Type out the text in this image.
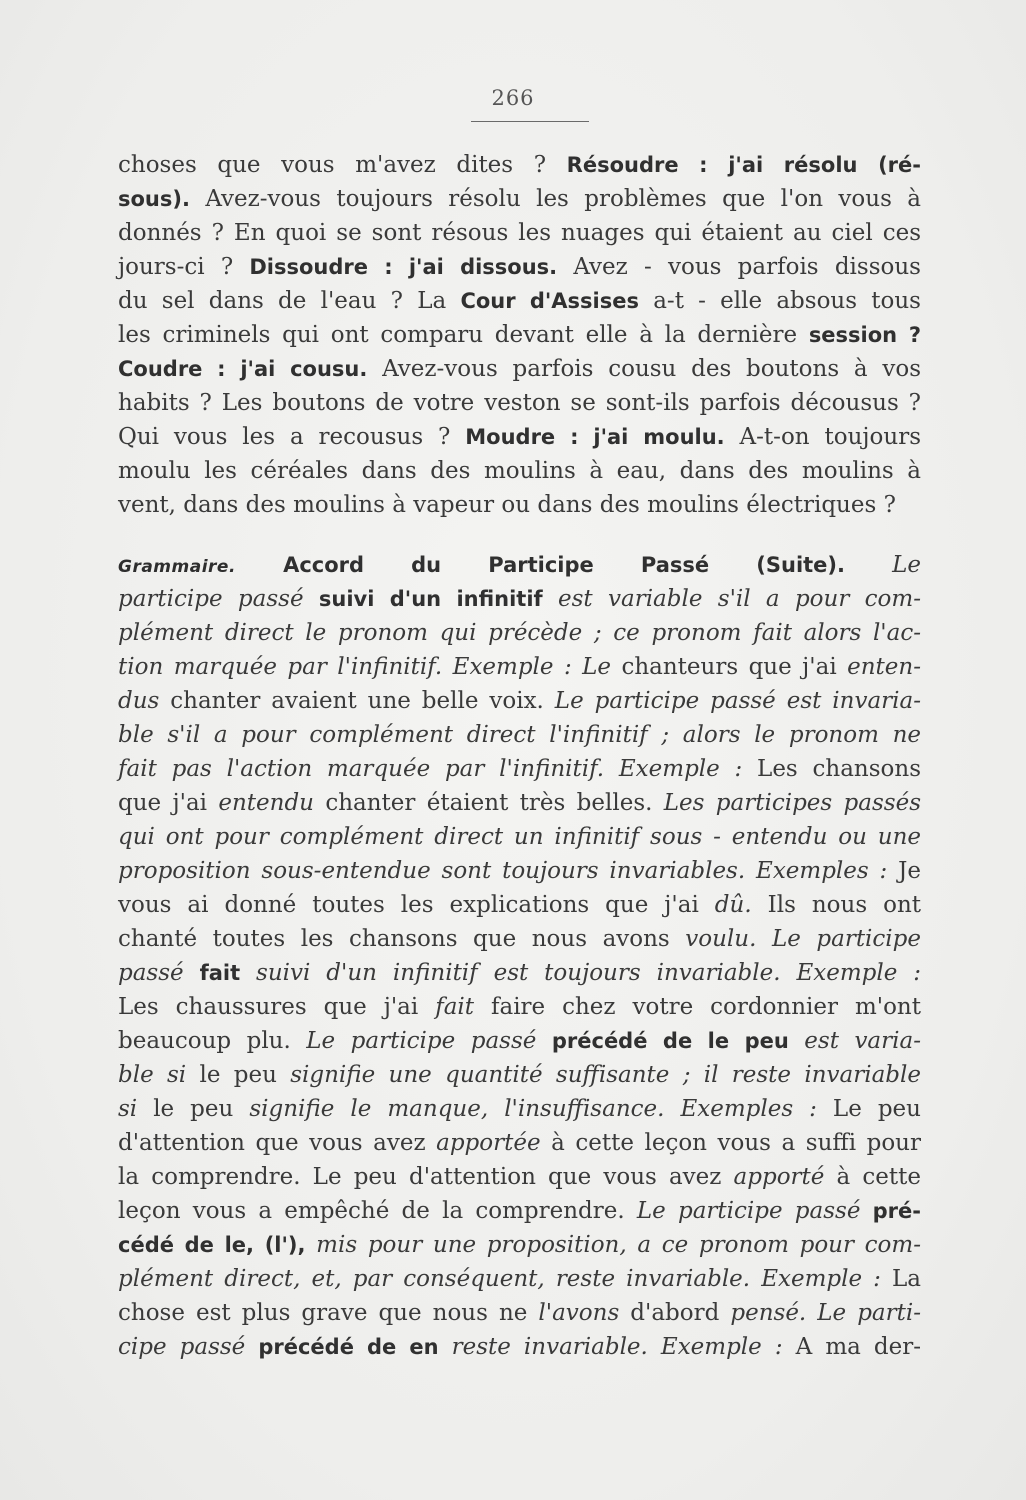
266
choses que vous m'avez dites ? Résoudre : j'ai résolu (ré-
sous). Avez-vous toujours résolu les problèmes que l'on vous à
donnés ? En quoi se sont résous les nuages qui étaient au ciel ces
jours-ci ? Dissoudre : j'ai dissous. Avez - vous parfois dissous
du sel dans de l'eau ? La Cour d'Assises a-t - elle absous tous
les criminels qui ont comparu devant elle à la dernière session ?
Coudre : j'ai cousu. Avez-vous parfois cousu des boutons à vos
habits ? Les boutons de votre veston se sont-ils parfois décousus ?
Qui vous les a recousus ? Moudre : j'ai moulu. A-t-on toujours
moulu les céréales dans des moulins à eau, dans des moulins à
vent, dans des moulins à vapeur ou dans des moulins électriques ?
Grammaire. Accord du Participe Passé (Suite). Le
participe passé suivi d'un infinitif est variable s'il a pour com-
plément direct le pronom qui précède ; ce pronom fait alors l'ac-
tion marquée par l'infinitif. Exemple : Le chanteurs que j'ai enten-
dus chanter avaient une belle voix. Le participe passé est invaria-
ble s'il a pour complément direct l'infinitif ; alors le pronom ne
fait pas l'action marquée par l'infinitif. Exemple : Les chansons
que j'ai entendu chanter étaient très belles. Les participes passés
qui ont pour complément direct un infinitif sous - entendu ou une
proposition sous-entendue sont toujours invariables. Exemples : Je
vous ai donné toutes les explications que j'ai dû. Ils nous ont
chanté toutes les chansons que nous avons voulu. Le participe
passé fait suivi d'un infinitif est toujours invariable. Exemple :
Les chaussures que j'ai fait faire chez votre cordonnier m'ont
beaucoup plu. Le participe passé précédé de le peu est varia-
ble si le peu signifie une quantité suffisante ; il reste invariable
si le peu signifie le manque, l'insuffisance. Exemples : Le peu
d'attention que vous avez apportée à cette leçon vous a suffi pour
la comprendre. Le peu d'attention que vous avez apporté à cette
leçon vous a empêché de la comprendre. Le participe passé pré-
cédé de le, (l'), mis pour une proposition, a ce pronom pour com-
plément direct, et, par conséquent, reste invariable. Exemple : La
chose est plus grave que nous ne l'avons d'abord pensé. Le parti-
cipe passé précédé de en reste invariable. Exemple : A ma der-
